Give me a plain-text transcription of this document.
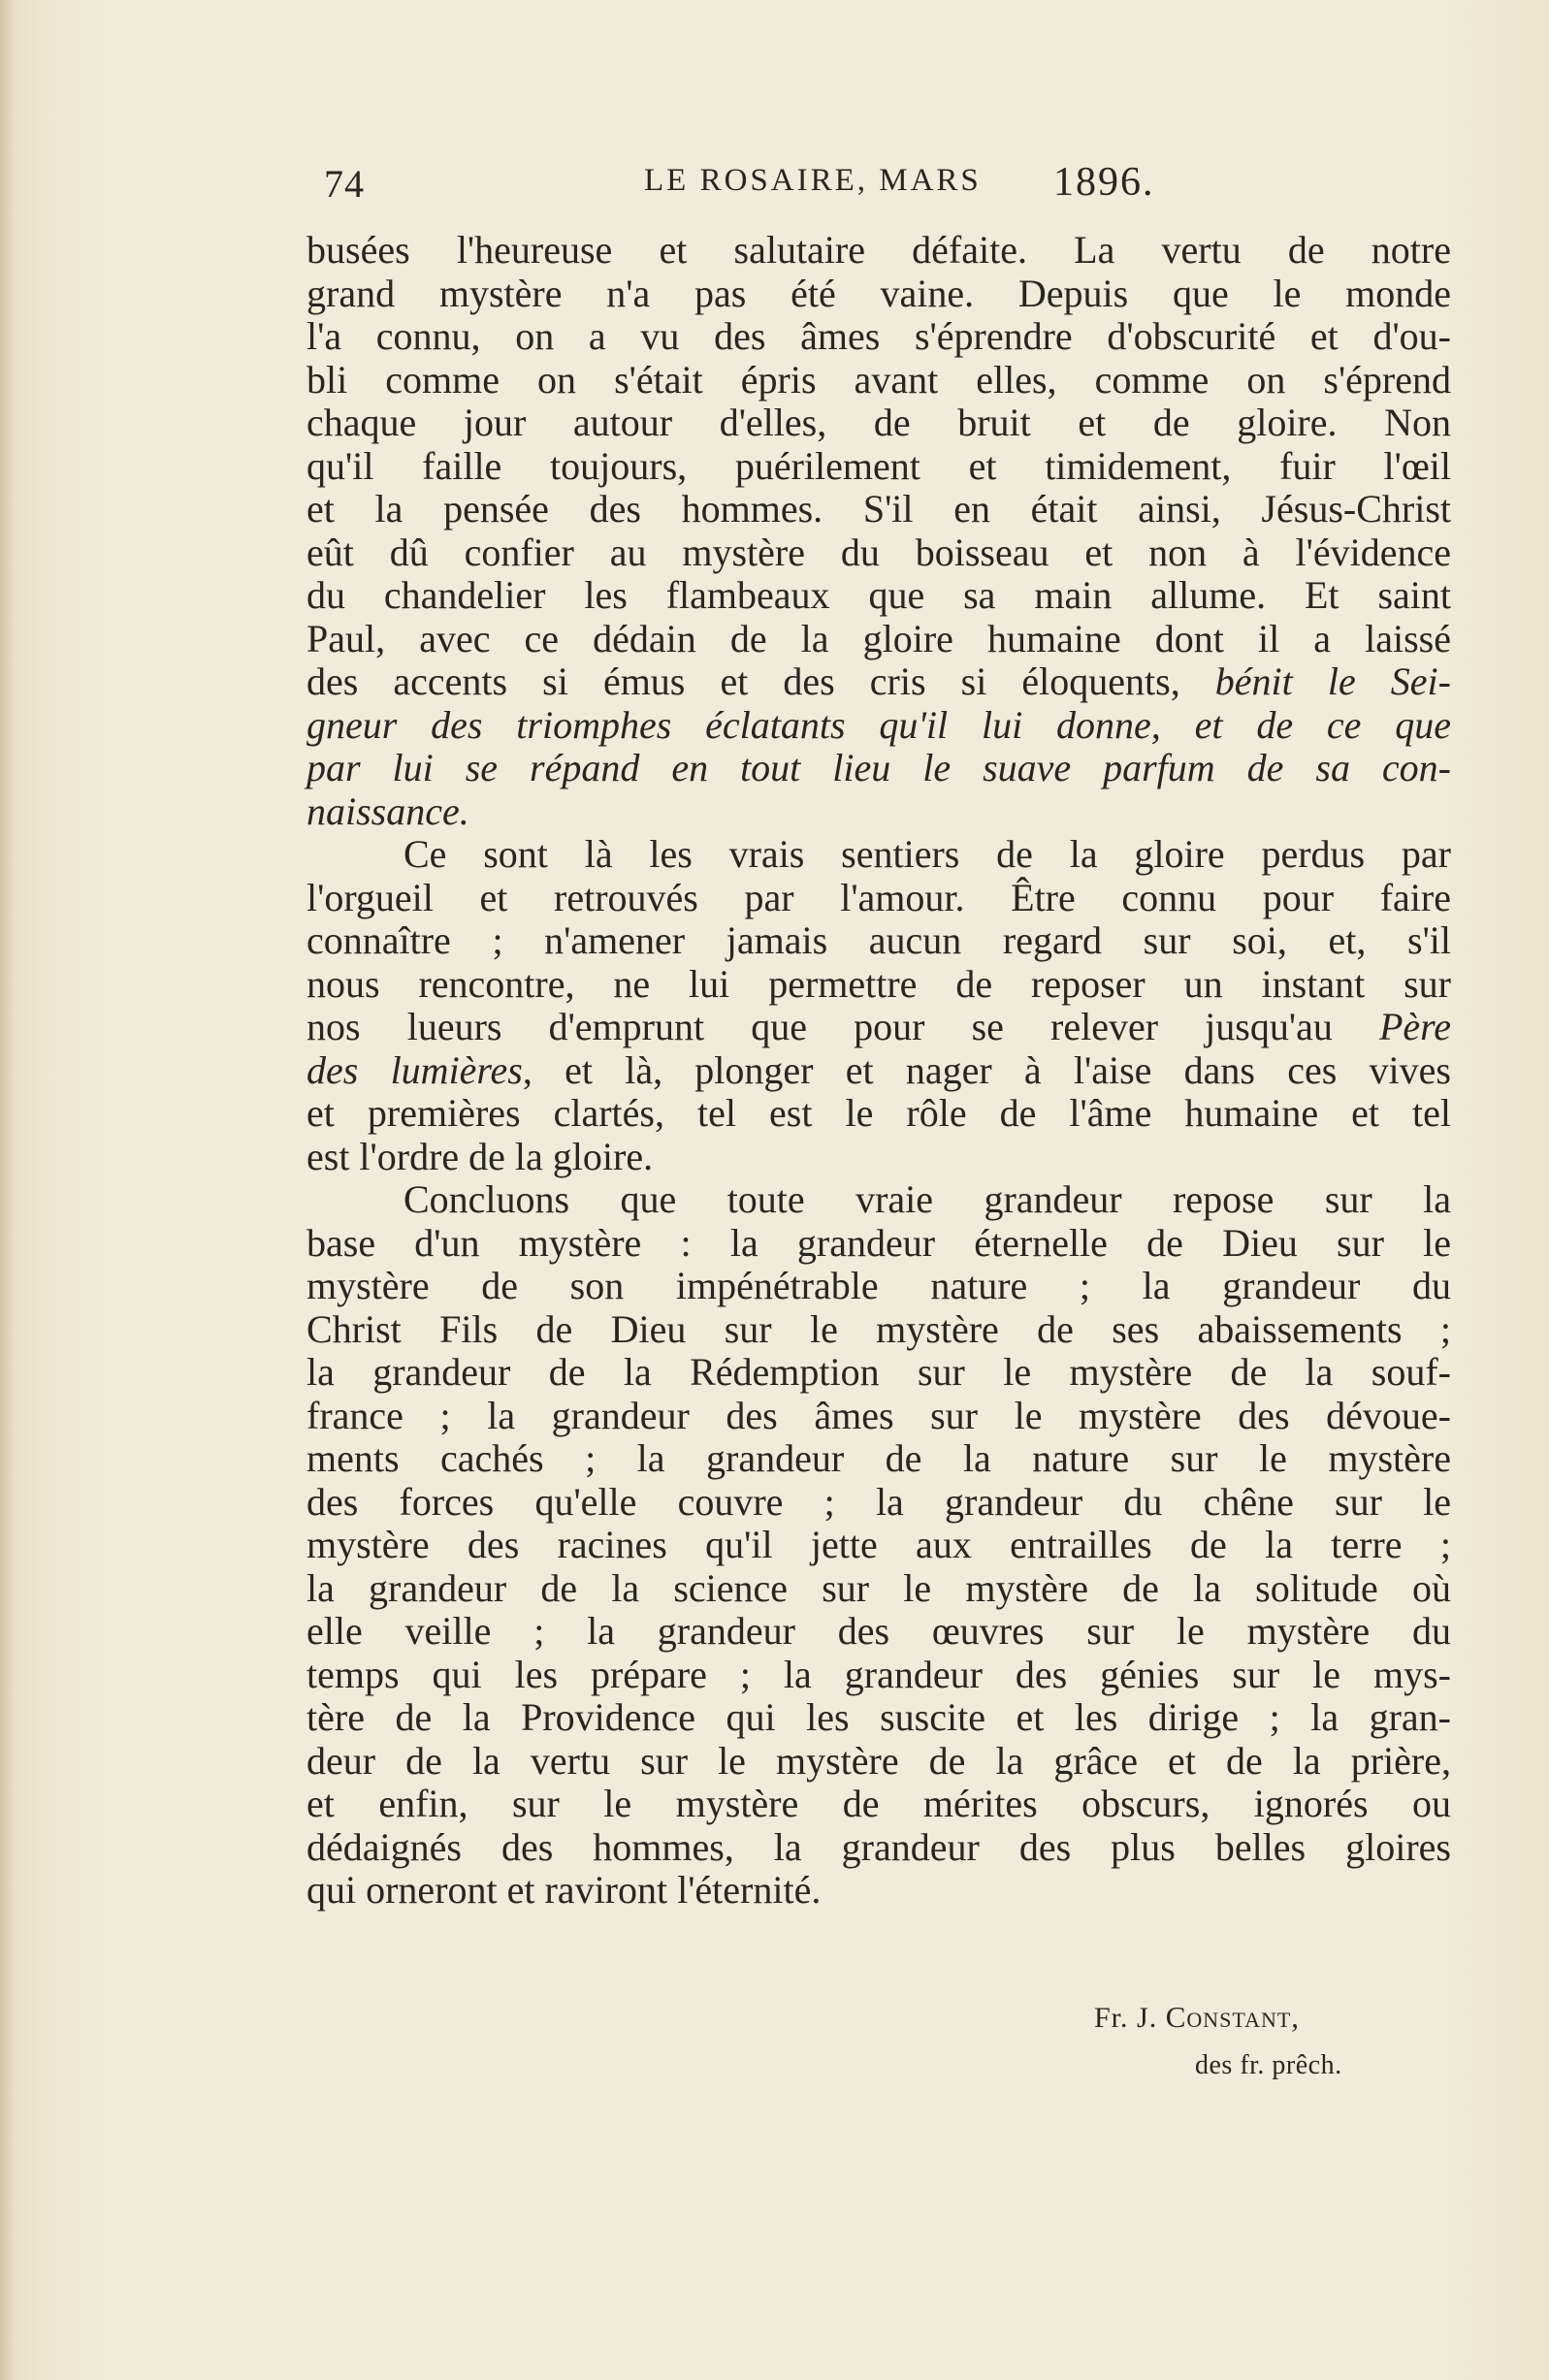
74	LE ROSAIRE, MARS 1896.
busées l'heureuse et salutaire défaite. La vertu de notre
grand mystère n'a pas été vaine. Depuis que le monde
l'a connu, on a vu des âmes s'éprendre d'obscurité et d'ou-
bli comme on s'était épris avant elles, comme on s'éprend
chaque jour autour d'elles, de bruit et de gloire. Non
qu'il faille toujours, puérilement et timidement, fuir l'œil
et la pensée des hommes. S'il en était ainsi, Jésus-Christ
eût dû confier au mystère du boisseau et non à l'évidence
du chandelier les flambeaux que sa main allume. Et saint
Paul, avec ce dédain de la gloire humaine dont il a laissé
des accents si émus et des cris si éloquents, bénit le Sei-
gneur des triomphes éclatants qu'il lui donne, et de ce que
par lui se répand en tout lieu le suave parfum de sa con-
naissance.
Ce sont là les vrais sentiers de la gloire perdus par
l'orgueil et retrouvés par l'amour. Être connu pour faire
connaître ; n'amener jamais aucun regard sur soi, et, s'il
nous rencontre, ne lui permettre de reposer un instant sur
nos lueurs d'emprunt que pour se relever jusqu'au Père
des lumières, et là, plonger et nager à l'aise dans ces vives
et premières clartés, tel est le rôle de l'âme humaine et tel
est l'ordre de la gloire.
Concluons que toute vraie grandeur repose sur la
base d'un mystère : la grandeur éternelle de Dieu sur le
mystère de son impénétrable nature ; la grandeur du
Christ Fils de Dieu sur le mystère de ses abaissements ;
la grandeur de la Rédemption sur le mystère de la souf-
france ; la grandeur des âmes sur le mystère des dévoue-
ments cachés ; la grandeur de la nature sur le mystère
des forces qu'elle couvre ; la grandeur du chêne sur le
mystère des racines qu'il jette aux entrailles de la terre ;
la grandeur de la science sur le mystère de la solitude où
elle veille ; la grandeur des œuvres sur le mystère du
temps qui les prépare ; la grandeur des génies sur le mys-
tère de la Providence qui les suscite et les dirige ; la gran-
deur de la vertu sur le mystère de la grâce et de la prière,
et enfin, sur le mystère de mérites obscurs, ignorés ou
dédaignés des hommes, la grandeur des plus belles gloires
qui orneront et raviront l'éternité.
Fr. J. Constant,
des fr. prêch.
